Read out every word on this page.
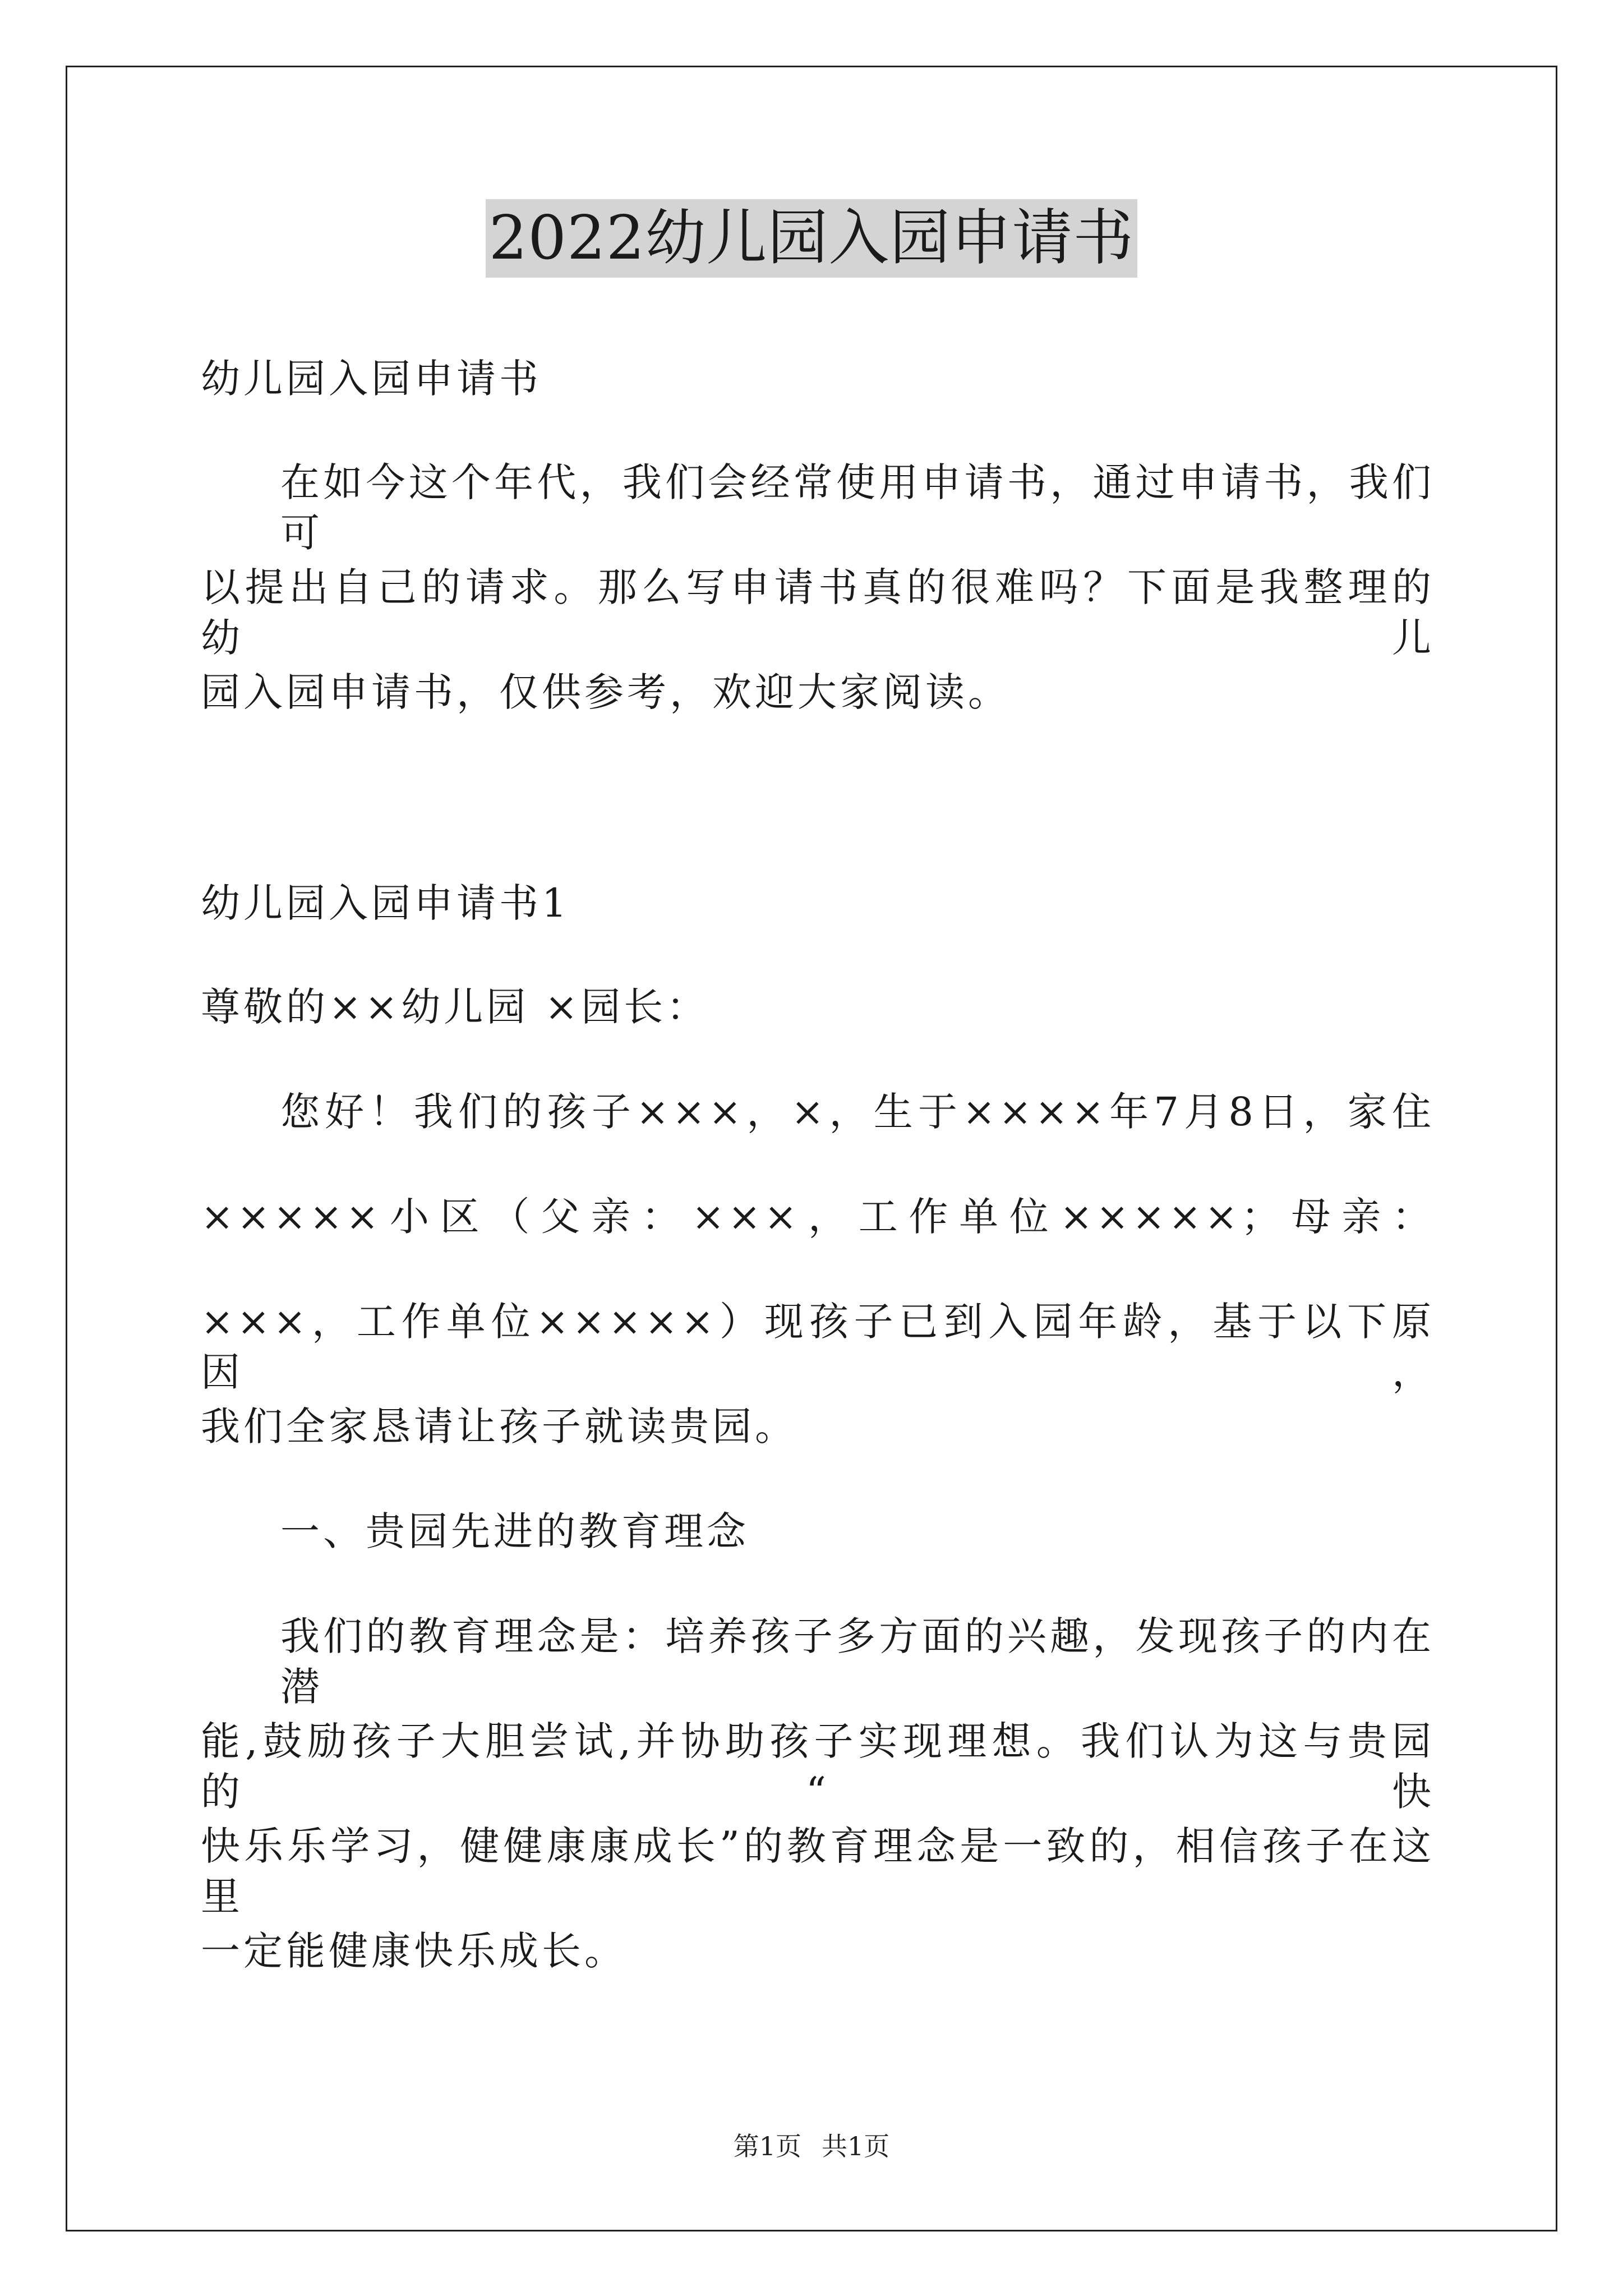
2022幼儿园入园申请书
幼儿园入园申请书
在如今这个年代，我们会经常使用申请书，通过申请书，我们可
以提出自己的请求。那么写申请书真的很难吗？下面是我整理的幼儿
园入园申请书，仅供参考，欢迎大家阅读。
幼儿园入园申请书1
尊敬的××幼儿园 ×园长：
您好！我们的孩子×××，×，生于××××年7月8日，家住
×××××小区（父亲：×××，工作单位×××××；母亲：
×××，工作单位×××××）现孩子已到入园年龄，基于以下原因，
我们全家恳请让孩子就读贵园。
一、贵园先进的教育理念
我们的教育理念是：培养孩子多方面的兴趣，发现孩子的内在潜
能,鼓励孩子大胆尝试,并协助孩子实现理想。我们认为这与贵园的“快
快乐乐学习，健健康康成长”的教育理念是一致的，相信孩子在这里
一定能健康快乐成长。
第1页 共1页
